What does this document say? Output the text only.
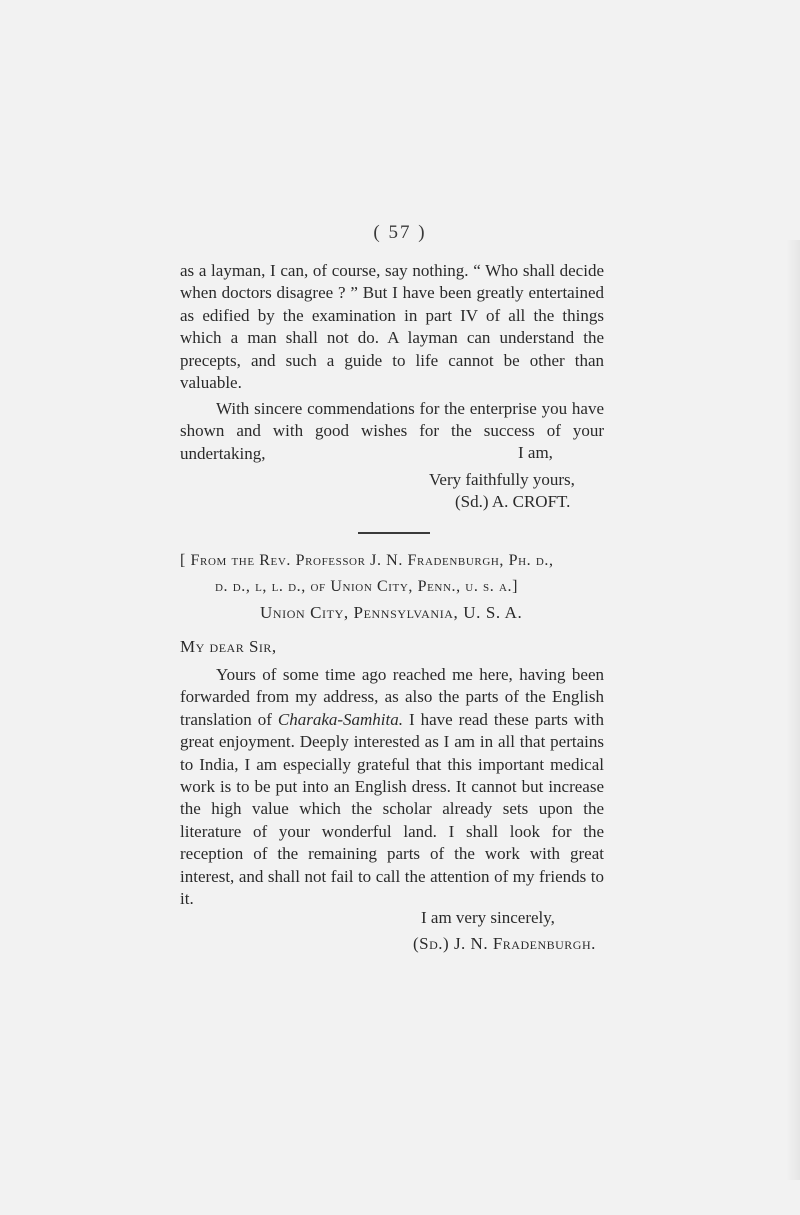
( 57 )

as a layman, I can, of course, say nothing. “ Who shall decide when doctors disagree ? ” But I have been greatly entertained as edified by the examination in part IV of all the things which a man shall not do. A layman can understand the precepts, and such a guide to life cannot be other than valuable.

With sincere commendations for the enterprise you have shown and with good wishes for the success of your undertaking,	I am,
Very faithfully yours,
(Sd.) A. CROFT.
[ From the Rev. Professor J. N. Fradenburgh, Ph. d.,
d. d., l, l. d., of Union City, Penn., u. s. a.]
Union City, Pennsylvania, U. S. A.
My dear Sir,

Yours of some time ago reached me here, having been forwarded from my address, as also the parts of the English translation of Charaka-Samhita. I have read these parts with great enjoyment. Deeply interested as I am in all that pertains to India, I am especially grateful that this important medical work is to be put into an English dress. It cannot but increase the high value which the scholar already sets upon the literature of your wonderful land. I shall look for the reception of the remaining parts of the work with great interest, and shall not fail to call the attention of my friends to it.

I am very sincerely,
(Sd.) J. N. Fradenburgh.
